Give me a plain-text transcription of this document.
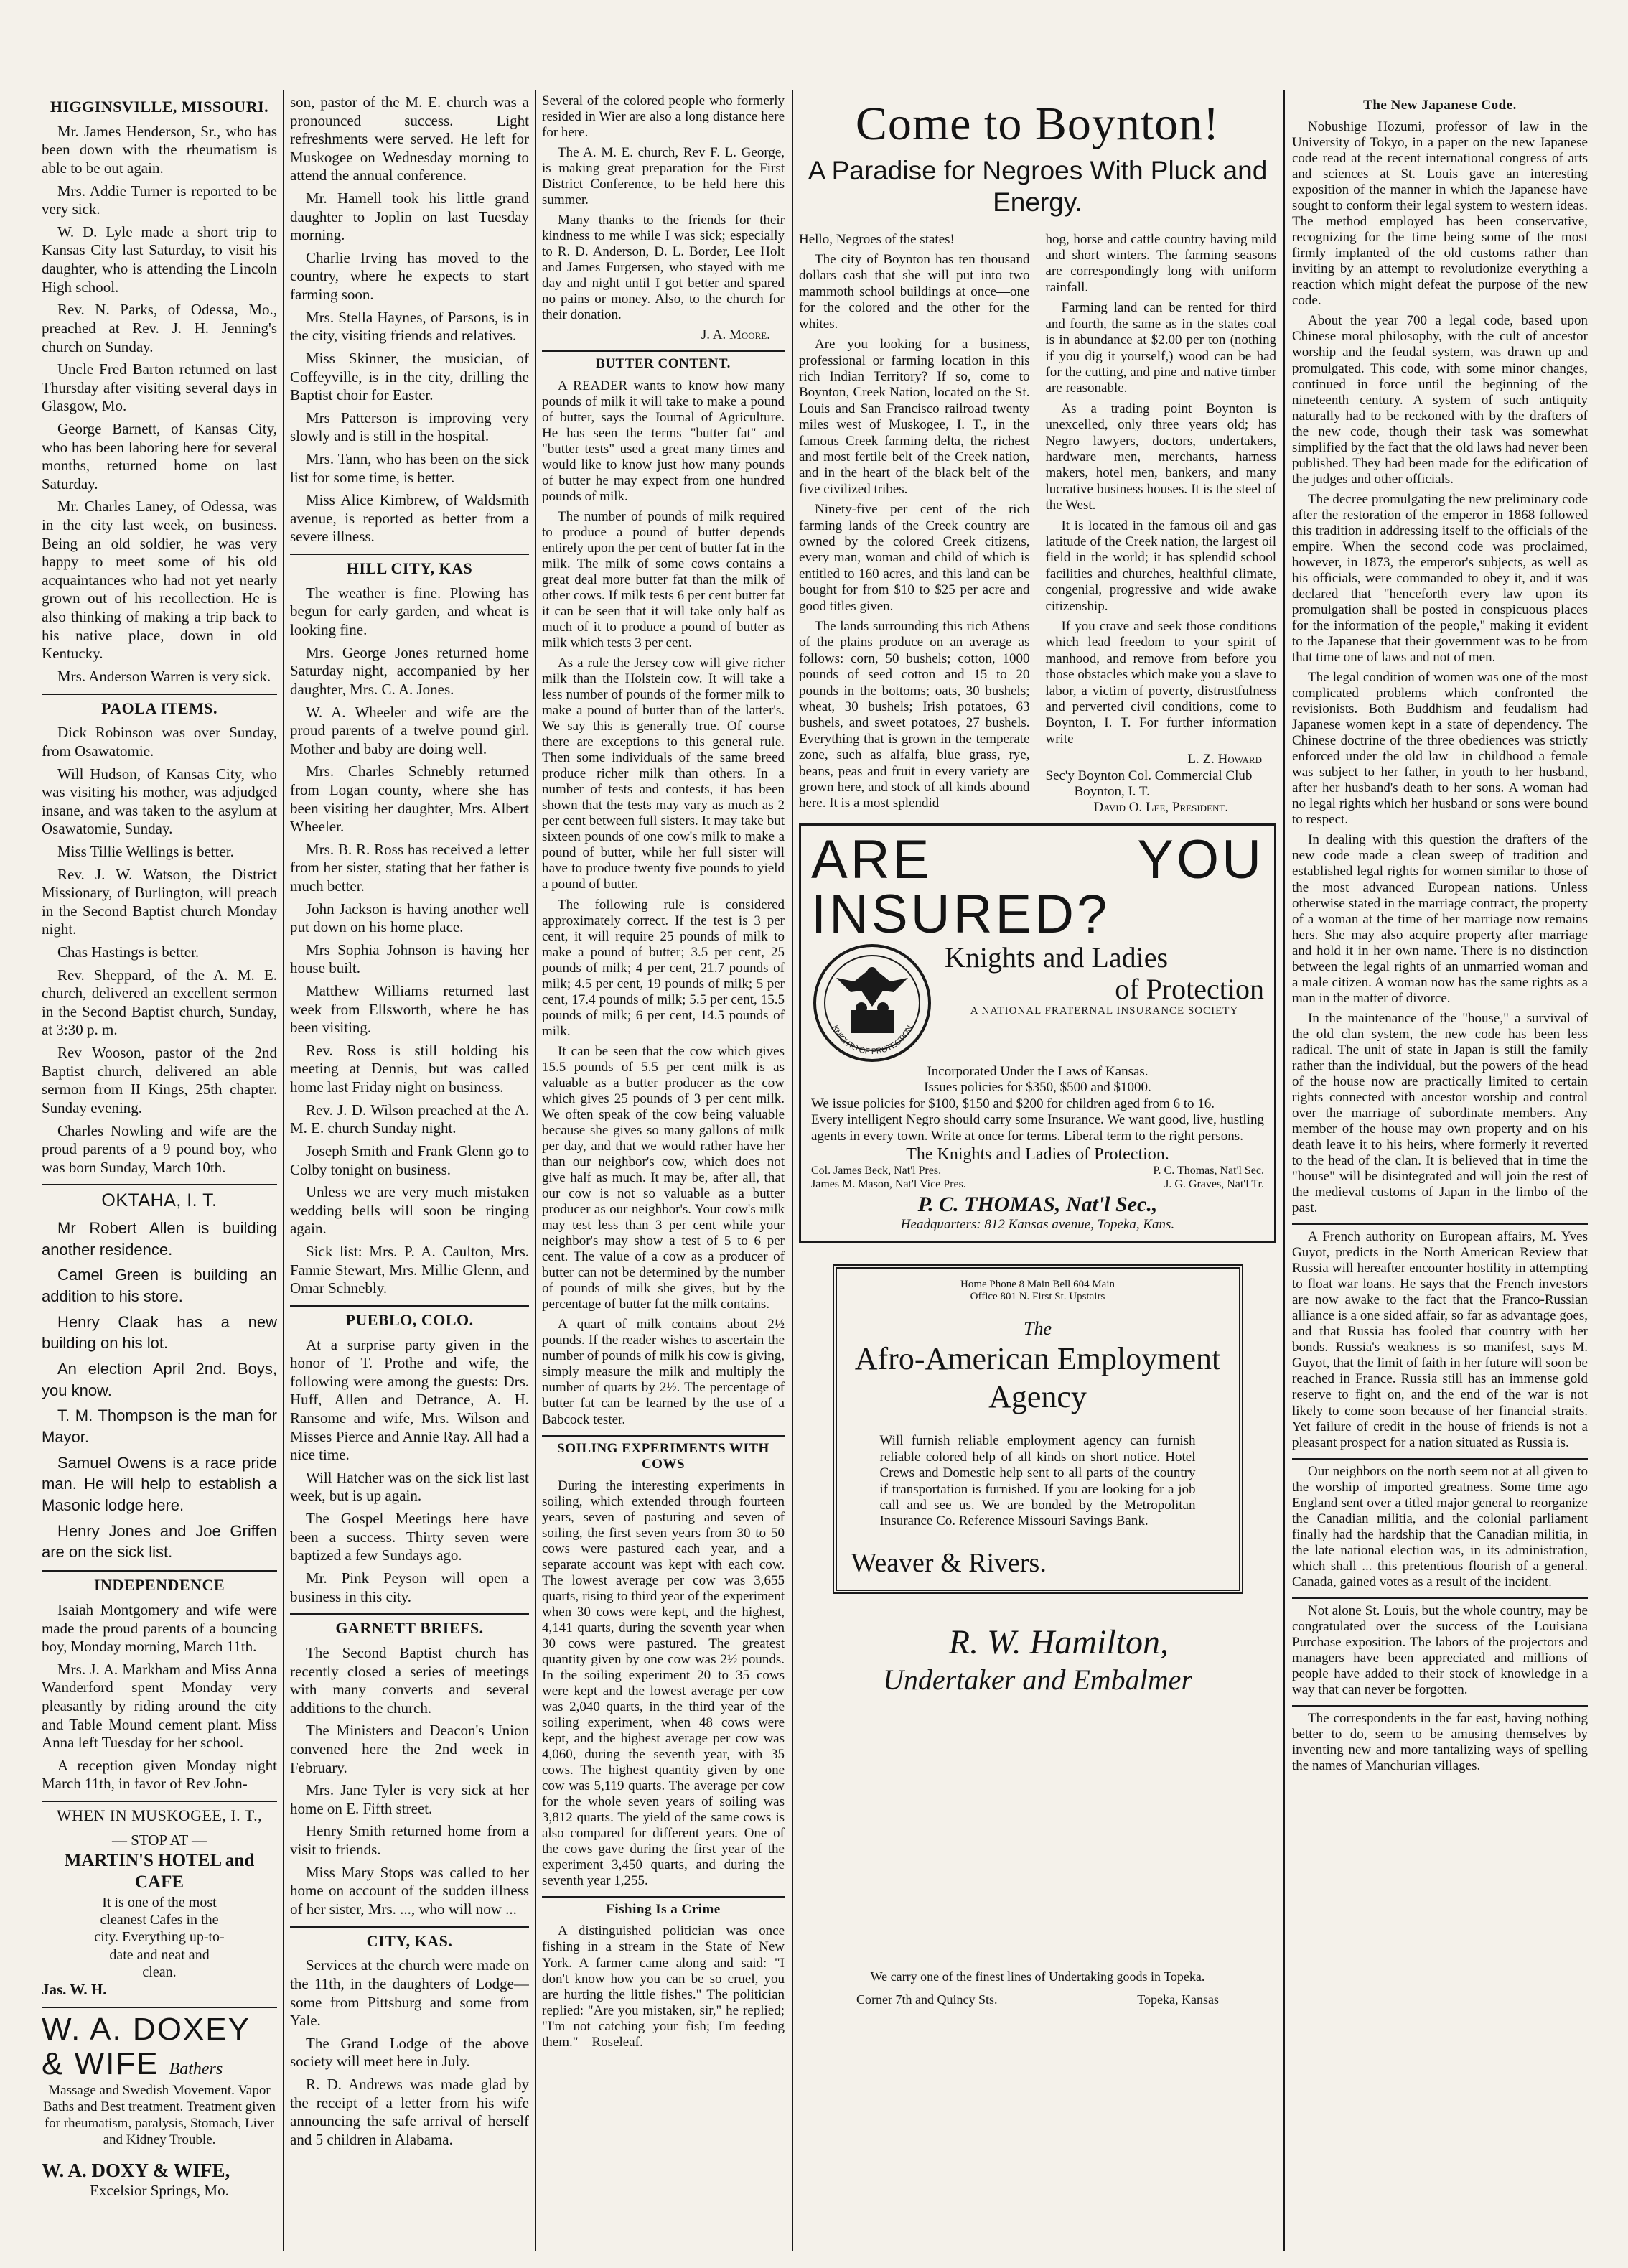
HIGGINSVILLE, MISSOURI.

Mr. James Henderson, Sr., who has been down with the rheumatism is able to be out again.

Mrs. Addie Turner is reported to be very sick.

W. D. Lyle made a short trip to Kansas City last Saturday, to visit his daughter, who is attending the Lincoln High school.

Rev. N. Parks, of Odessa, Mo., preached at Rev. J. H. Jenning's church on Sunday.

Uncle Fred Barton returned on last Thursday after visiting several days in Glasgow, Mo.

George Barnett, of Kansas City, who has been laboring here for several months, returned home on last Saturday.

Mr. Charles Laney, of Odessa, was in the city last week, on business. Being an old soldier, he was very happy to meet some of his old acquaintances who had not yet nearly grown out of his recollection. He is also thinking of making a trip back to his native place, down in old Kentucky.

Mrs. Anderson Warren is very sick.

PAOLA ITEMS.

Dick Robinson was over Sunday, from Osawatomie.

Will Hudson, of Kansas City, who was visiting his mother, was adjudged insane, and was taken to the asylum at Osawatomie, Sunday.

Miss Tillie Wellings is better.

Rev. J. W. Watson, the District Missionary, of Burlington, will preach in the Second Baptist church Monday night.

Chas Hastings is better.

Rev. Sheppard, of the A. M. E. church, delivered an excellent sermon in the Second Baptist church, Sunday, at 3:30 p. m.

Rev Wooson, pastor of the 2nd Baptist church, delivered an able sermon from II Kings, 25th chapter. Sunday evening.

Charles Nowling and wife are the proud parents of a 9 pound boy, who was born Sunday, March 10th.

OKTAHA, I. T.

Mr Robert Allen is building another residence.

Camel Green is building an addition to his store.

Henry Claak has a new building on his lot.

An election April 2nd. Boys, you know.

T. M. Thompson is the man for Mayor.

Samuel Owens is a race pride man. He will help to establish a Masonic lodge here.

Henry Jones and Joe Griffen are on the sick list.

INDEPENDENCE

Isaiah Montgomery and wife were made the proud parents of a bouncing boy, Monday morning, March 11th.

Mrs. J. A. Markham and Miss Anna Wanderford spent Monday very pleasantly by riding around the city and Table Mound cement plant. Miss Anna left Tuesday for her school.

A reception given Monday night March 11th, in favor of Rev John-

WHEN IN MUSKOGEE, I. T.,
— STOP AT —
MARTIN'S HOTEL and CAFE
It is one of the most
cleanest Cafes in the
city. Everything up-to-
date and neat and
clean.
Jas. W. H.
W. A. DOXEY
& WIFE Bathers

Massage and Swedish Movement. Vapor Baths and Best treatment. Treatment given for rheumatism, paralysis, Stomach, Liver and Kidney Trouble.

W. A. DOXY & WIFE,
Excelsior Springs, Mo.

son, pastor of the M. E. church was a pronounced success. Light refreshments were served. He left for Muskogee on Wednesday morning to attend the annual conference.

Mr. Hamell took his little grand daughter to Joplin on last Tuesday morning.

Charlie Irving has moved to the country, where he expects to start farming soon.

Mrs. Stella Haynes, of Parsons, is in the city, visiting friends and relatives.

Miss Skinner, the musician, of Coffeyville, is in the city, drilling the Baptist choir for Easter.

Mrs Patterson is improving very slowly and is still in the hospital.

Mrs. Tann, who has been on the sick list for some time, is better.

Miss Alice Kimbrew, of Waldsmith avenue, is reported as better from a severe illness.

HILL CITY, KAS

The weather is fine. Plowing has begun for early garden, and wheat is looking fine.

Mrs. George Jones returned home Saturday night, accompanied by her daughter, Mrs. C. A. Jones.

W. A. Wheeler and wife are the proud parents of a twelve pound girl. Mother and baby are doing well.

Mrs. Charles Schnebly returned from Logan county, where she has been visiting her daughter, Mrs. Albert Wheeler.

Mrs. B. R. Ross has received a letter from her sister, stating that her father is much better.

John Jackson is having another well put down on his home place.

Mrs Sophia Johnson is having her house built.

Matthew Williams returned last week from Ellsworth, where he has been visiting.

Rev. Ross is still holding his meeting at Dennis, but was called home last Friday night on business.

Rev. J. D. Wilson preached at the A. M. E. church Sunday night.

Joseph Smith and Frank Glenn go to Colby tonight on business.

Unless we are very much mistaken wedding bells will soon be ringing again.

Sick list: Mrs. P. A. Caulton, Mrs. Fannie Stewart, Mrs. Millie Glenn, and Omar Schnebly.

PUEBLO, COLO.

At a surprise party given in the honor of T. Prothe and wife, the following were among the guests: Drs. Huff, Allen and Detrance, A. H. Ransome and wife, Mrs. Wilson and Misses Pierce and Annie Ray. All had a nice time.

Will Hatcher was on the sick list last week, but is up again.

The Gospel Meetings here have been a success. Thirty seven were baptized a few Sundays ago.

Mr. Pink Peyson will open a business in this city.

GARNETT BRIEFS.

The Second Baptist church has recently closed a series of meetings with many converts and several additions to the church.

The Ministers and Deacon's Union convened here the 2nd week in February.

Mrs. Jane Tyler is very sick at her home on E. Fifth street.

Henry Smith returned home from a visit to friends.

Miss Mary Stops was called to her home on account of the sudden illness of her sister, Mrs. ..., who will now ...

CITY, KAS.

Services at the church were made on the 11th, in the daughters of Lodge—some from Pittsburg and some from Yale.

The Grand Lodge of the above society will meet here in July.

R. D. Andrews was made glad by the receipt of a letter from his wife announcing the safe arrival of herself and 5 children in Alabama.

Several of the colored people who formerly resided in Wier are also a long distance here for here.

The A. M. E. church, Rev F. L. George, is making great preparation for the First District Conference, to be held here this summer.

Many thanks to the friends for their kindness to me while I was sick; especially to R. D. Anderson, D. L. Border, Lee Holt and James Furgersen, who stayed with me day and night until I got better and spared no pains or money. Also, to the church for their donation.

J. A. Moore.
BUTTER CONTENT.

A READER wants to know how many pounds of milk it will take to make a pound of butter, says the Journal of Agriculture. He has seen the terms "butter fat" and "butter tests" used a great many times and would like to know just how many pounds of butter he may expect from one hundred pounds of milk.

The number of pounds of milk required to produce a pound of butter depends entirely upon the per cent of butter fat in the milk. The milk of some cows contains a great deal more butter fat than the milk of other cows. If milk tests 6 per cent butter fat it can be seen that it will take only half as much of it to produce a pound of butter as milk which tests 3 per cent.

As a rule the Jersey cow will give richer milk than the Holstein cow. It will take a less number of pounds of the former milk to make a pound of butter than of the latter's. We say this is generally true. Of course there are exceptions to this general rule. Then some individuals of the same breed produce richer milk than others. In a number of tests and contests, it has been shown that the tests may vary as much as 2 per cent between full sisters. It may take but sixteen pounds of one cow's milk to make a pound of butter, while her full sister will have to produce twenty five pounds to yield a pound of butter.

The following rule is considered approximately correct. If the test is 3 per cent, it will require 25 pounds of milk to make a pound of butter; 3.5 per cent, 25 pounds of milk; 4 per cent, 21.7 pounds of milk; 4.5 per cent, 19 pounds of milk; 5 per cent, 17.4 pounds of milk; 5.5 per cent, 15.5 pounds of milk; 6 per cent, 14.5 pounds of milk.

It can be seen that the cow which gives 15.5 pounds of 5.5 per cent milk is as valuable as a butter producer as the cow which gives 25 pounds of 3 per cent milk. We often speak of the cow being valuable because she gives so many gallons of milk per day, and that we would rather have her than our neighbor's cow, which does not give half as much. It may be, after all, that our cow is not so valuable as a butter producer as our neighbor's. Your cow's milk may test less than 3 per cent while your neighbor's may show a test of 5 to 6 per cent. The value of a cow as a producer of butter can not be determined by the number of pounds of milk she gives, but by the percentage of butter fat the milk contains.

A quart of milk contains about 2½ pounds. If the reader wishes to ascertain the number of pounds of milk his cow is giving, simply measure the milk and multiply the number of quarts by 2½. The percentage of butter fat can be learned by the use of a Babcock tester.

SOILING EXPERIMENTS WITH COWS

During the interesting experiments in soiling, which extended through fourteen years, seven of pasturing and seven of soiling, the first seven years from 30 to 50 cows were pastured each year, and a separate account was kept with each cow. The lowest average per cow was 3,655 quarts, rising to third year of the experiment when 30 cows were kept, and the highest, 4,141 quarts, during the seventh year when 30 cows were pastured. The greatest quantity given by one cow was 2½ pounds. In the soiling experiment 20 to 35 cows were kept and the lowest average per cow was 2,040 quarts, in the third year of the soiling experiment, when 48 cows were kept, and the highest average per cow was 4,060, during the seventh year, with 35 cows. The highest quantity given by one cow was 5,119 quarts. The average per cow for the whole seven years of soiling was 3,812 quarts. The yield of the same cows is also compared for different years. One of the cows gave during the first year of the experiment 3,450 quarts, and during the seventh year 1,255.

Fishing Is a Crime

A distinguished politician was once fishing in a stream in the State of New York. A farmer came along and said: "I don't know how you can be so cruel, you are hurting the little fishes." The politician replied: "Are you mistaken, sir," he replied; "I'm not catching your fish; I'm feeding them."—Roseleaf.

Come to Boynton!
A Paradise for Negroes With Pluck and Energy.

Hello, Negroes of the states!

The city of Boynton has ten thousand dollars cash that she will put into two mammoth school buildings at once—one for the colored and the other for the whites.

Are you looking for a business, professional or farming location in this rich Indian Territory? If so, come to Boynton, Creek Nation, located on the St. Louis and San Francisco railroad twenty miles west of Muskogee, I. T., in the famous Creek farming delta, the richest and most fertile belt of the Creek nation, and in the heart of the black belt of the five civilized tribes.

Ninety-five per cent of the rich farming lands of the Creek country are owned by the colored Creek citizens, every man, woman and child of which is entitled to 160 acres, and this land can be bought for from $10 to $25 per acre and good titles given.

The lands surrounding this rich Athens of the plains produce on an average as follows: corn, 50 bushels; cotton, 1000 pounds of seed cotton and 15 to 20 pounds in the bottoms; oats, 30 bushels; wheat, 30 bushels; Irish potatoes, 63 bushels, and sweet potatoes, 27 bushels. Everything that is grown in the temperate zone, such as alfalfa, blue grass, rye, beans, peas and fruit in every variety are grown here, and stock of all kinds abound here. It is a most splendid

hog, horse and cattle country having mild and short winters. The farming seasons are correspondingly long with uniform rainfall.

Farming land can be rented for third and fourth, the same as in the states coal is in abundance at $2.00 per ton (nothing if you dig it yourself,) wood can be had for the cutting, and pine and native timber are reasonable.

As a trading point Boynton is unexcelled, only three years old; has Negro lawyers, doctors, undertakers, hardware men, merchants, harness makers, hotel men, bankers, and many lucrative business houses. It is the steel of the West.

It is located in the famous oil and gas latitude of the Creek nation, the largest oil field in the world; it has splendid school facilities and churches, healthful climate, congenial, progressive and wide awake citizenship.

If you crave and seek those conditions which lead freedom to your spirit of manhood, and remove from before you those obstacles which make you a slave to labor, a victim of poverty, distrustfulness and perverted civil conditions, come to Boynton, I. T. For further information write

L. Z. Howard
Sec'y Boynton Col. Commercial Club
Boynton, I. T.
David O. Lee, President.
ARE YOU INSURED?
KNIGHTS OF PROTECTION
Knights and Ladies
of Protection
A NATIONAL FRATERNAL INSURANCE SOCIETY
Incorporated Under the Laws of Kansas.
Issues policies for $350, $500 and $1000.
We issue policies for $100, $150 and $200 for children aged from 6 to 16.
Every intelligent Negro should carry some Insurance. We want good, live, hustling agents in every town. Write at once for terms. Liberal term to the right persons.
The Knights and Ladies of Protection.
Col. James Beck, Nat'l Pres.	P. C. Thomas, Nat'l Sec.
James M. Mason, Nat'l Vice Pres.	J. G. Graves, Nat'l Tr.
P. C. THOMAS, Nat'l Sec.,
Headquarters: 812 Kansas avenue, Topeka, Kans.
Home Phone 8 Main Bell 604 Main
Office 801 N. First St. Upstairs
The
Afro-American Employment Agency

Will furnish reliable employment agency can furnish reliable colored help of all kinds on short notice. Hotel Crews and Domestic help sent to all parts of the country if transportation is furnished. If you are looking for a job call and see us. We are bonded by the Metropolitan Insurance Co. Reference Missouri Savings Bank.

Weaver & Rivers.
R. W. Hamilton,
Undertaker and Embalmer
We carry one of the finest lines of Undertaking goods in Topeka.
Corner 7th and Quincy Sts.	Topeka, Kansas
The New Japanese Code.

Nobushige Hozumi, professor of law in the University of Tokyo, in a paper on the new Japanese code read at the recent international congress of arts and sciences at St. Louis gave an interesting exposition of the manner in which the Japanese have sought to conform their legal system to western ideas. The method employed has been conservative, recognizing for the time being some of the most firmly implanted of the old customs rather than inviting by an attempt to revolutionize everything a reaction which might defeat the purpose of the new code.

About the year 700 a legal code, based upon Chinese moral philosophy, with the cult of ancestor worship and the feudal system, was drawn up and promulgated. This code, with some minor changes, continued in force until the beginning of the nineteenth century. A system of such antiquity naturally had to be reckoned with by the drafters of the new code, though their task was somewhat simplified by the fact that the old laws had never been published. They had been made for the edification of the judges and other officials.

The decree promulgating the new preliminary code after the restoration of the emperor in 1868 followed this tradition in addressing itself to the officials of the empire. When the second code was proclaimed, however, in 1873, the emperor's subjects, as well as his officials, were commanded to obey it, and it was declared that "henceforth every law upon its promulgation shall be posted in conspicuous places for the information of the people," making it evident to the Japanese that their government was to be from that time one of laws and not of men.

The legal condition of women was one of the most complicated problems which confronted the revisionists. Both Buddhism and feudalism had Japanese women kept in a state of dependency. The Chinese doctrine of the three obediences was strictly enforced under the old law—in childhood a female was subject to her father, in youth to her husband, after her husband's death to her sons. A woman had no legal rights which her husband or sons were bound to respect.

In dealing with this question the drafters of the new code made a clean sweep of tradition and established legal rights for women similar to those of the most advanced European nations. Unless otherwise stated in the marriage contract, the property of a woman at the time of her marriage now remains hers. She may also acquire property after marriage and hold it in her own name. There is no distinction between the legal rights of an unmarried woman and a male citizen. A woman now has the same rights as a man in the matter of divorce.

In the maintenance of the "house," a survival of the old clan system, the new code has been less radical. The unit of state in Japan is still the family rather than the individual, but the powers of the head of the house now are practically limited to certain rights connected with ancestor worship and control over the marriage of subordinate members. Any member of the house may own property and on his death leave it to his heirs, where formerly it reverted to the head of the clan. It is believed that in time the "house" will be disintegrated and will join the rest of the medieval customs of Japan in the limbo of the past.

A French authority on European affairs, M. Yves Guyot, predicts in the North American Review that Russia will hereafter encounter hostility in attempting to float war loans. He says that the French investors are now awake to the fact that the Franco-Russian alliance is a one sided affair, so far as advantage goes, and that Russia has fooled that country with her bonds. Russia's weakness is so manifest, says M. Guyot, that the limit of faith in her future will soon be reached in France. Russia still has an immense gold reserve to fight on, and the end of the war is not likely to come soon because of her financial straits. Yet failure of credit in the house of friends is not a pleasant prospect for a nation situated as Russia is.

Our neighbors on the north seem not at all given to the worship of imported greatness. Some time ago England sent over a titled major general to reorganize the Canadian militia, and the colonial parliament finally had the hardship that the Canadian militia, in the late national election was, in its administration, which shall ... this pretentious flourish of a general. Canada, gained votes as a result of the incident.

Not alone St. Louis, but the whole country, may be congratulated over the success of the Louisiana Purchase exposition. The labors of the projectors and managers have been appreciated and millions of people have added to their stock of knowledge in a way that can never be forgotten.

The correspondents in the far east, having nothing better to do, seem to be amusing themselves by inventing new and more tantalizing ways of spelling the names of Manchurian villages.
